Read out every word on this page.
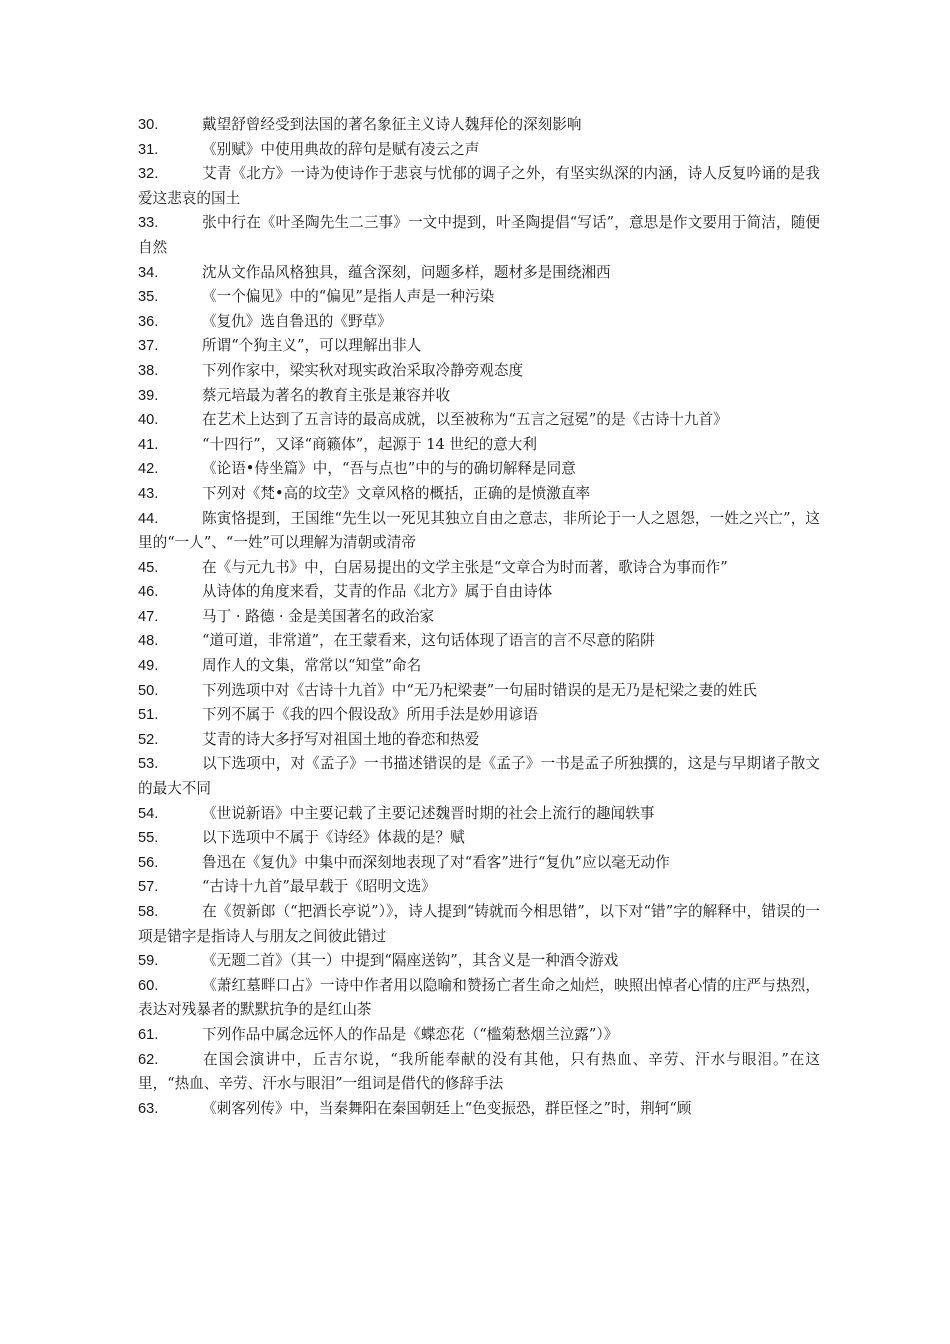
30.	戴望舒曾经受到法国的著名象征主义诗人魏拜伦的深刻影响

31.	《别赋》中使用典故的辞句是赋有凌云之声

32.	艾青《北方》一诗为使诗作于悲哀与忧郁的调子之外，有坚实纵深的内涵，诗人反复吟诵的是我爱这悲哀的国土

33.	张中行在《叶圣陶先生二三事》一文中提到，叶圣陶提倡“写话”，意思是作文要用于简洁，随便自然

34.	沈从文作品风格独具，蕴含深刻，问题多样，题材多是围绕湘西

35.	《一个偏见》中的“偏见”是指人声是一种污染

36.	《复仇》选自鲁迅的《野草》

37.	所谓“个狗主义”，可以理解出非人

38.	下列作家中，梁实秋对现实政治采取冷静旁观态度

39.	蔡元培最为著名的教育主张是兼容并收

40.	在艺术上达到了五言诗的最高成就，以至被称为“五言之冠冕”的是《古诗十九首》

41.	“十四行”，又译“商籁体”，起源于 14 世纪的意大利

42.	《论语•侍坐篇》中，“吾与点也”中的与的确切解释是同意

43.	下列对《梵•高的坟茔》文章风格的概括，正确的是愤激直率

44.	陈寅恪提到，王国维“先生以一死见其独立自由之意志，非所论于一人之恩怨，一姓之兴亡”，这里的“一人”、“一姓”可以理解为清朝或清帝

45.	在《与元九书》中，白居易提出的文学主张是“文章合为时而著，歌诗合为事而作”

46.	从诗体的角度来看，艾青的作品《北方》属于自由诗体

47.	马丁 · 路德 · 金是美国著名的政治家

48.	“道可道，非常道”，在王蒙看来，这句话体现了语言的言不尽意的陷阱

49.	周作人的文集，常常以“知堂”命名

50.	下列选项中对《古诗十九首》中“无乃杞梁妻”一句届时错误的是无乃是杞梁之妻的姓氏

51.	下列不属于《我的四个假设敌》所用手法是妙用谚语

52.	艾青的诗大多抒写对祖国土地的眷恋和热爱

53.	以下选项中，对《孟子》一书描述错误的是《孟子》一书是孟子所独撰的，这是与早期诸子散文的最大不同

54.	《世说新语》中主要记载了主要记述魏晋时期的社会上流行的趣闻轶事

55.	以下选项中不属于《诗经》体裁的是？赋

56.	鲁迅在《复仇》中集中而深刻地表现了对“看客”进行“复仇”应以毫无动作

57.	“古诗十九首”最早载于《昭明文选》

58.	在《贺新郎（“把酒长亭说”）》，诗人提到“铸就而今相思错”，以下对“错”字的解释中，错误的一项是错字是指诗人与朋友之间彼此错过

59.	《无题二首》（其一）中提到“隔座送钩”，其含义是一种酒令游戏

60.	《萧红墓畔口占》一诗中作者用以隐喻和赞扬亡者生命之灿烂，映照出悼者心情的庄严与热烈，表达对残暴者的默默抗争的是红山茶

61.	下列作品中属念远怀人的作品是《蝶恋花（“槛菊愁烟兰泣露”）》

62.	在国会演讲中，丘吉尔说，“我所能奉献的没有其他，只有热血、辛劳、汗水与眼泪。”在这里，“热血、辛劳、汗水与眼泪”一组词是借代的修辞手法

63.	《刺客列传》中，当秦舞阳在秦国朝廷上“色变振恐，群臣怪之”时，荆轲“顾
